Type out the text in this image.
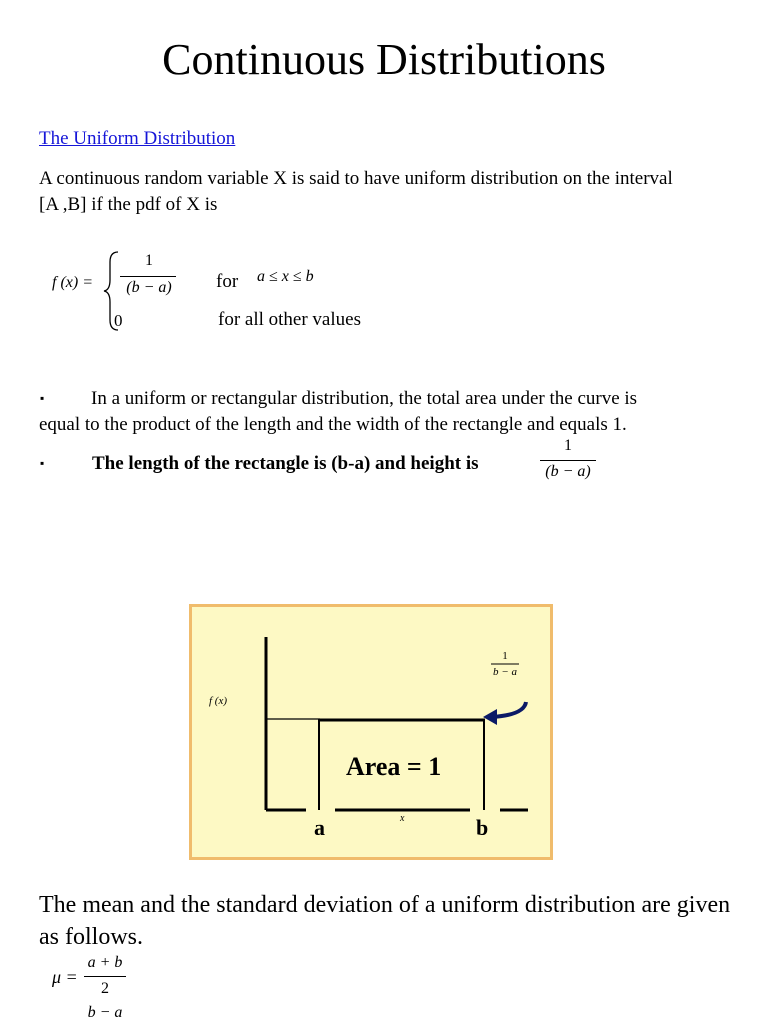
Continuous Distributions
The Uniform Distribution
A continuous random variable X is said to have uniform distribution on the interval
[A ,B] if the pdf of X is
f (x) =
1
(b − a)
0
for a ≤ x ≤ b
for all other values
▪ In a uniform or rectangular distribution, the total area under the curve is
equal to the product of the length and the width of the rectangle and equals 1.
▪	The length of the rectangle is (b-a) and height is
1
(b − a)
f (x)
1
b − a
Area = 1
a	x	b
The mean and the standard deviation of a uniform distribution are given as follows.
μ =
a + b
2
b − a
